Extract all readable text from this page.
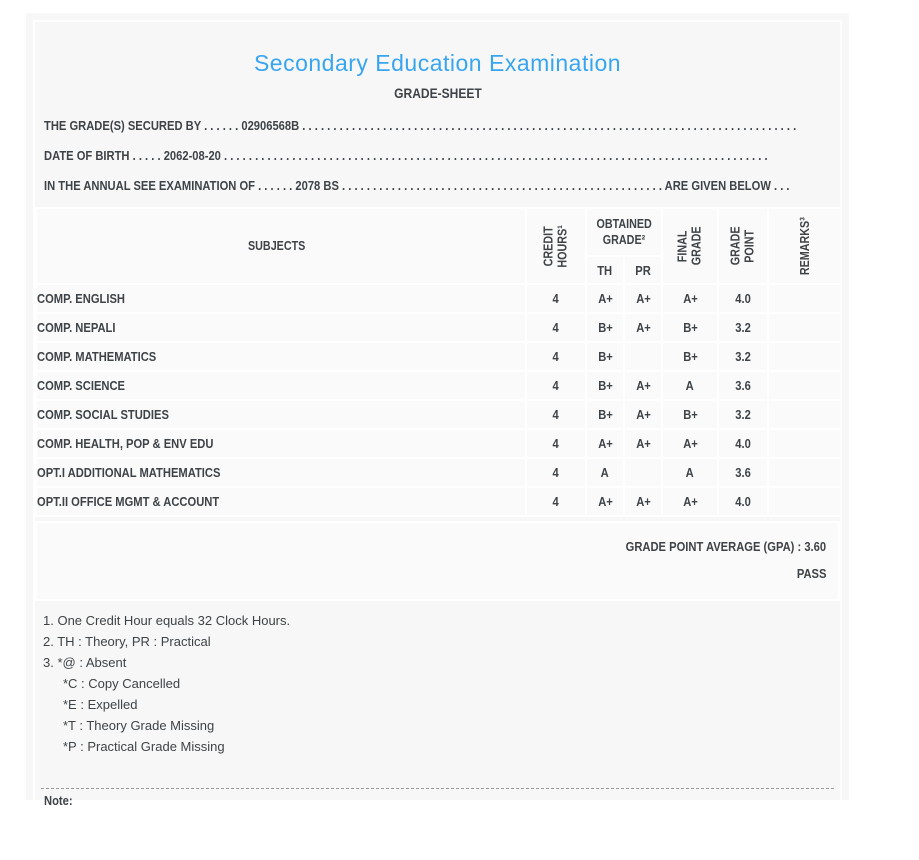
Secondary Education Examination
GRADE-SHEET
THE GRADE(S) SECURED BY . . . . . . 02906568B . . . . . . . . . . . . . . . . . . . . . . . . . . . . . . . . . . . . . . . . . . . . . . . . . . . . . . . . . . . . . . . . . . . . . . . . . . . . . . . .
DATE OF BIRTH . . . . . 2062-08-20 . . . . . . . . . . . . . . . . . . . . . . . . . . . . . . . . . . . . . . . . . . . . . . . . . . . . . . . . . . . . . . . . . . . . . . . . . . . . . . . . . . . . . . . .
IN THE ANNUAL SEE EXAMINATION OF . . . . . . 2078 BS . . . . . . . . . . . . . . . . . . . . . . . . . . . . . . . . . . . . . . . . . . . . . . . . . . . . ARE GIVEN BELOW . . .
SUBJECTS	CREDIT HOURS¹	OBTAINED GRADE²		FINAL GRADE	GRADE POINT	REMARKS³
		TH	PR			
COMP. ENGLISH	4	A+	A+	A+	4.0	
COMP. NEPALI	4	B+	A+	B+	3.2	
COMP. MATHEMATICS	4	B+		B+	3.2	
COMP. SCIENCE	4	B+	A+	A	3.6	
COMP. SOCIAL STUDIES	4	B+	A+	B+	3.2	
COMP. HEALTH, POP & ENV EDU	4	A+	A+	A+	4.0	
OPT.I ADDITIONAL MATHEMATICS	4	A		A	3.6	
OPT.II OFFICE MGMT & ACCOUNT	4	A+	A+	A+	4.0	
GRADE POINT AVERAGE (GPA) : 3.60
PASS
1. One Credit Hour equals 32 Clock Hours.
2. TH : Theory, PR : Practical
3. *@ : Absent
*C : Copy Cancelled
*E : Expelled
*T : Theory Grade Missing
*P : Practical Grade Missing
Note:
